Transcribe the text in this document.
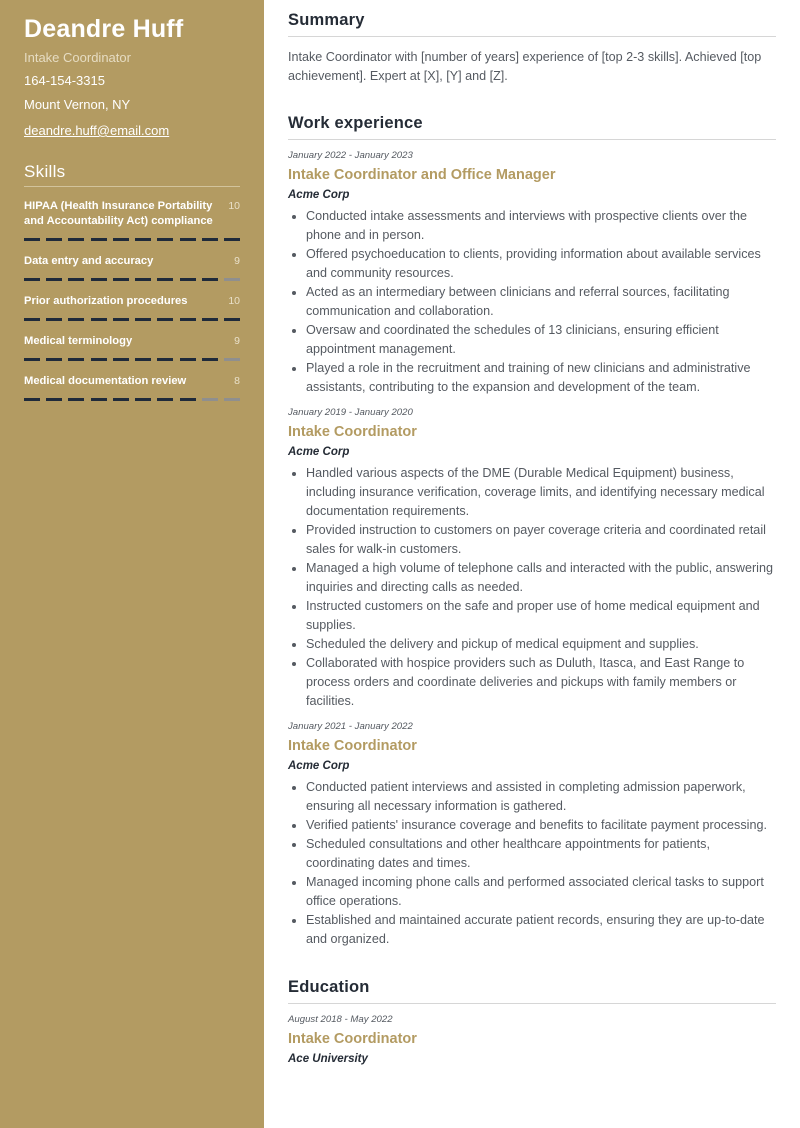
Deandre Huff
Intake Coordinator
164-154-3315
Mount Vernon, NY
deandre.huff@email.com
Skills
HIPAA (Health Insurance Portability and Accountability Act) compliance
10
Data entry and accuracy	9
Prior authorization procedures	10
Medical terminology	9
Medical documentation review	8
Summary

Intake Coordinator with [number of years] experience of [top 2-3 skills]. Achieved [top achievement]. Expert at [X], [Y] and [Z].

Work experience
January 2022 - January 2023
Intake Coordinator and Office Manager
Acme Corp
• Conducted intake assessments and interviews with prospective clients over the phone and in person.
• Offered psychoeducation to clients, providing information about available services and community resources.
• Acted as an intermediary between clinicians and referral sources, facilitating communication and collaboration.
• Oversaw and coordinated the schedules of 13 clinicians, ensuring efficient appointment management.
• Played a role in the recruitment and training of new clinicians and administrative assistants, contributing to the expansion and development of the team.
January 2019 - January 2020
Intake Coordinator
Acme Corp
• Handled various aspects of the DME (Durable Medical Equipment) business, including insurance verification, coverage limits, and identifying necessary medical documentation requirements.
• Provided instruction to customers on payer coverage criteria and coordinated retail sales for walk-in customers.
• Managed a high volume of telephone calls and interacted with the public, answering inquiries and directing calls as needed.
• Instructed customers on the safe and proper use of home medical equipment and supplies.
• Scheduled the delivery and pickup of medical equipment and supplies.
• Collaborated with hospice providers such as Duluth, Itasca, and East Range to process orders and coordinate deliveries and pickups with family members or facilities.
January 2021 - January 2022
Intake Coordinator
Acme Corp
• Conducted patient interviews and assisted in completing admission paperwork, ensuring all necessary information is gathered.
• Verified patients' insurance coverage and benefits to facilitate payment processing.
• Scheduled consultations and other healthcare appointments for patients, coordinating dates and times.
• Managed incoming phone calls and performed associated clerical tasks to support office operations.
• Established and maintained accurate patient records, ensuring they are up-to-date and organized.
Education
August 2018 - May 2022
Intake Coordinator
Ace University
